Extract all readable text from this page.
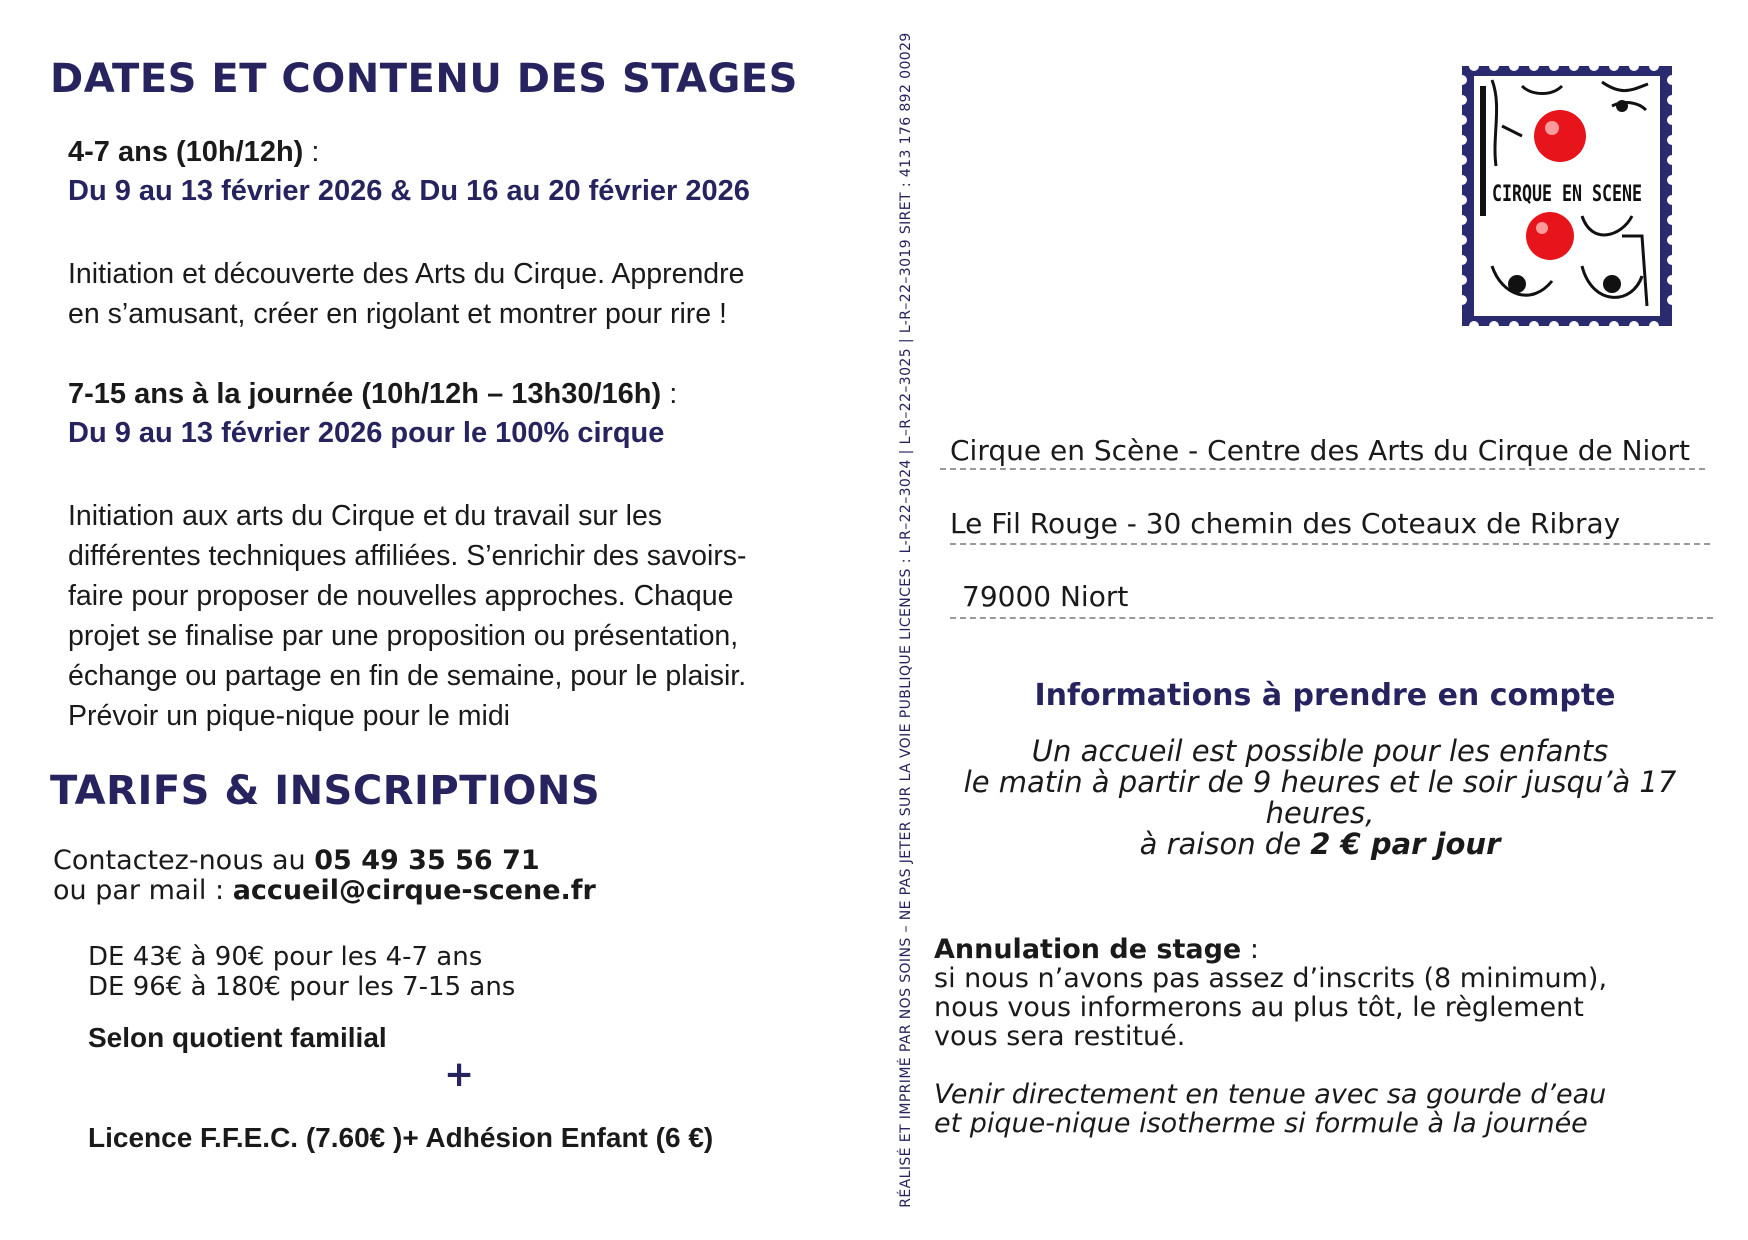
DATES ET CONTENU DES STAGES
4-7 ans (10h/12h) :
Du 9 au 13 février 2026 & Du 16 au 20 février 2026
Initiation et découverte des Arts du Cirque. Apprendre
en s’amusant, créer en rigolant et montrer pour rire !
7-15 ans à la journée (10h/12h – 13h30/16h) :
Du 9 au 13 février 2026 pour le 100% cirque
Initiation aux arts du Cirque et du travail sur les
différentes techniques affiliées. S’enrichir des savoirs-
faire pour proposer de nouvelles approches. Chaque
projet se finalise par une proposition ou présentation,
échange ou partage en fin de semaine, pour le plaisir.
Prévoir un pique-nique pour le midi
TARIFS & INSCRIPTIONS
Contactez-nous au 05 49 35 56 71
ou par mail : accueil@cirque-scene.fr
DE 43€ à 90€ pour les 4-7 ans
DE 96€ à 180€ pour les 7-15 ans
Selon quotient familial
+
Licence F.F.E.C. (7.60€ )+ Adhésion Enfant (6 €)	RÉALISÉ ET IMPRIMÉ PAR NOS SOINS – NE PAS JETER SUR LA VOIE PUBLIQUE LICENCES : L-R–22–3024 | L–R–22–3025 | L-R–22–3019 SIRET : 413 176 892 00029	CIRQUE EN SCENE
Cirque en Scène - Centre des Arts du Cirque de Niort
Le Fil Rouge - 30 chemin des Coteaux de Ribray
79000 Niort
Informations à prendre en compte
Un accueil est possible pour les enfants
le matin à partir de 9 heures et le soir jusqu’à 17
heures,
à raison de 2 € par jour
Annulation de stage :
si nous n’avons pas assez d’inscrits (8 minimum),
nous vous informerons au plus tôt, le règlement
vous sera restitué.
Venir directement en tenue avec sa gourde d’eau
et pique-nique isotherme si formule à la journée
